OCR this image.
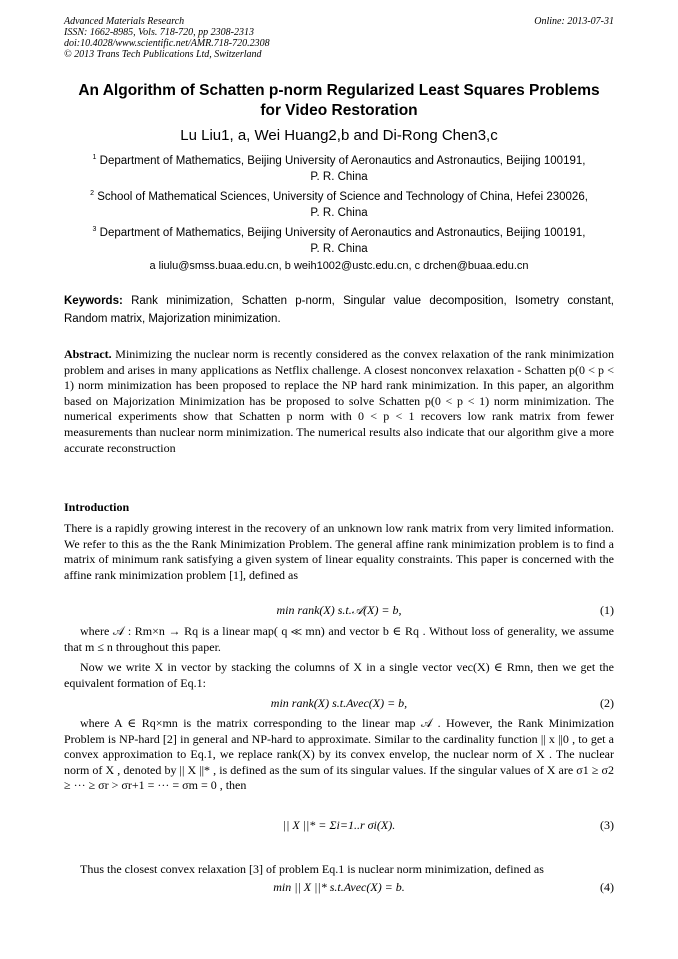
Advanced Materials Research
ISSN: 1662-8985, Vols. 718-720, pp 2308-2313
doi:10.4028/www.scientific.net/AMR.718-720.2308
© 2013 Trans Tech Publications Ltd, Switzerland
Online: 2013-07-31
An Algorithm of Schatten p-norm Regularized Least Squares Problems
for Video Restoration
Lu Liu1, a, Wei Huang2,b and Di-Rong Chen3,c
$^1$ Department of Mathematics, Beijing University of Aeronautics and Astronautics, Beijing 100191,
P. R. China
$^2$ School of Mathematical Sciences, University of Science and Technology of China, Hefei 230026,
P. R. China
$^3$ Department of Mathematics, Beijing University of Aeronautics and Astronautics, Beijing 100191,
P. R. China
a liulu@smss.buaa.edu.cn, b weih1002@ustc.edu.cn, c drchen@buaa.edu.cn
Keywords: Rank minimization, Schatten p-norm, Singular value decomposition, Isometry constant, Random matrix, Majorization minimization.
Abstract. Minimizing the nuclear norm is recently considered as the convex relaxation of the rank minimization problem and arises in many applications as Netflix challenge. A closest nonconvex relaxation - Schatten p(0 < p < 1) norm minimization has been proposed to replace the NP hard rank minimization. In this paper, an algorithm based on Majorization Minimization has be proposed to solve Schatten p(0 < p < 1) norm minimization. The numerical experiments show that Schatten p norm with 0 < p < 1 recovers low rank matrix from fewer measurements than nuclear norm minimization. The numerical results also indicate that our algorithm give a more accurate reconstruction
Introduction
There is a rapidly growing interest in the recovery of an unknown low rank matrix from very limited information. We refer to this as the the Rank Minimization Problem. The general affine rank minimization problem is to find a matrix of minimum rank satisfying a given system of linear equality constraints. This paper is concerned with the affine rank minimization problem [1], defined as
min rank(X) s.t.𝒜(X) = b,	(1)
where 𝒜 : Rm×n → Rq is a linear map( q ≪ mn) and vector b ∈ Rq . Without loss of generality, we assume that m ≤ n throughout this paper.
Now we write X in vector by stacking the columns of X in a single vector vec(X) ∈ Rmn, then we get the equivalent formation of Eq.1:
min rank(X) s.t.Avec(X) = b,	(2)
where A ∈ Rq×mn is the matrix corresponding to the linear map 𝒜 . However, the Rank Minimization Problem is NP-hard [2] in general and NP-hard to approximate. Similar to the cardinality function || x ||0 , to get a convex approximation to Eq.1, we replace rank(X) by its convex envelop, the nuclear norm of X . The nuclear norm of X , denoted by || X ||* , is defined as the sum of its singular values. If the singular values of X are σ1 ≥ σ2 ≥ ··· ≥ σr > σr+1 = ··· = σm = 0 , then
|| X ||* = Σi=1..r σi(X).	(3)
Thus the closest convex relaxation [3] of problem Eq.1 is nuclear norm minimization, defined as
min || X ||* s.t.Avec(X) = b.	(4)
